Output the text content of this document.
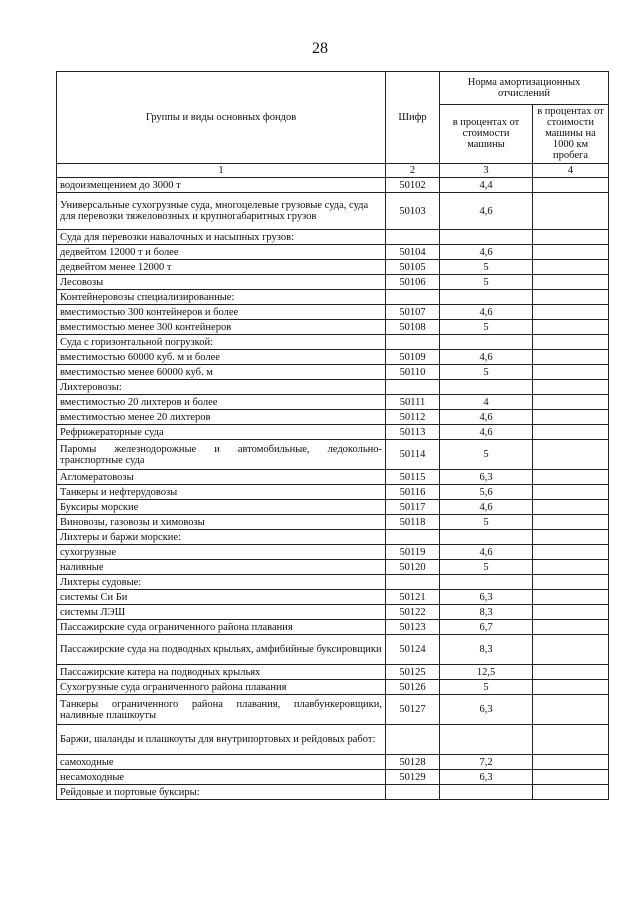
28
Группы и виды основных фондов	Шифр	Норма амортизационных отчислений	
		в процентах от стоимости машины	в процентах от стоимости машины на 1000 км пробега
1	2	3	4
водоизмещением до 3000 т	50102	4,4	
Универсальные сухогрузные суда, многоцелевые грузовые суда, суда для перевозки тяжеловозных и крупногабаритных грузов	50103	4,6	
Суда для перевозки навалочных и насыпных грузов:			
дедвейтом 12000 т и более	50104	4,6	
дедвейтом менее 12000 т	50105	5	
Лесовозы	50106	5	
Контейнеровозы специализированные:			
вместимостью 300 контейнеров и более	50107	4,6	
вместимостью менее 300 контейнеров	50108	5	
Суда с горизонтальной погрузкой:			
вместимостью 60000 куб. м и более	50109	4,6	
вместимостью менее 60000 куб. м	50110	5	
Лихтеровозы:			
вместимостью 20 лихтеров и более	50111	4	
вместимостью менее 20 лихтеров	50112	4,6	
Рефрижераторные суда	50113	4,6	
Паромы железнодорожные и автомобильные, ледокольно-транспортные суда	50114	5	
Агломератовозы	50115	6,3	
Танкеры и нефтерудовозы	50116	5,6	
Буксиры морские	50117	4,6	
Виновозы, газовозы и химовозы	50118	5	
Лихтеры и баржи морские:			
сухогрузные	50119	4,6	
наливные	50120	5	
Лихтеры судовые:			
системы Си Би	50121	6,3	
системы ЛЭШ	50122	8,3	
Пассажирские суда ограниченного района плавания	50123	6,7	
Пассажирские суда на подводных крыльях, амфибийные буксировщики	50124	8,3	
Пассажирские катера на подводных крыльях	50125	12,5	
Сухогрузные суда ограниченного района плавания	50126	5	
Танкеры ограниченного района плавания, плавбункеровщики, наливные плашкоуты	50127	6,3	
Баржи, шаланды и плашкоуты для внутрипортовых и рейдовых работ:			
самоходные	50128	7,2	
несамоходные	50129	6,3	
Рейдовые и портовые буксиры:			
